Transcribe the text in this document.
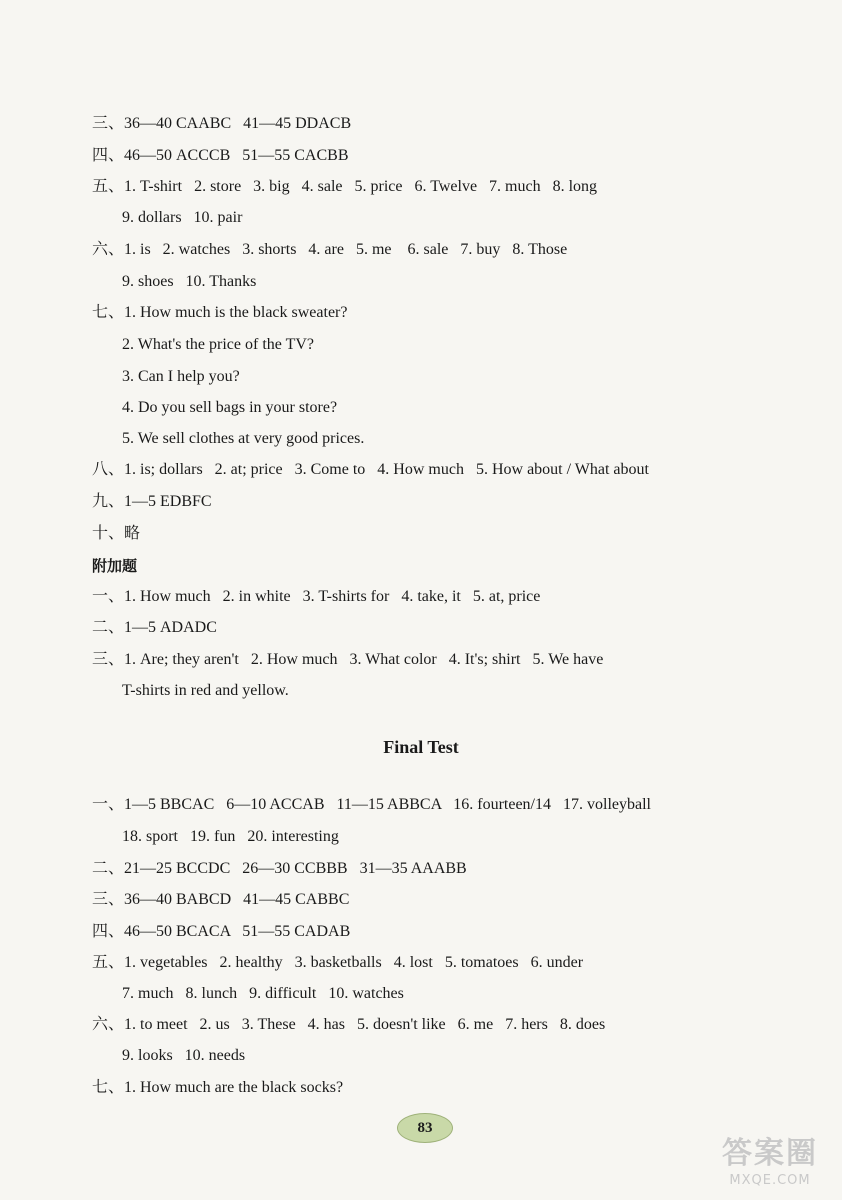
三、36—40 CAABC   41—45 DDACB
四、46—50 ACCCB   51—55 CACBB
五、1. T-shirt   2. store   3. big   4. sale   5. price   6. Twelve   7. much   8. long
9. dollars   10. pair
六、1. is   2. watches   3. shorts   4. are   5. me    6. sale   7. buy   8. Those
9. shoes   10. Thanks
七、1. How much is the black sweater?
2. What's the price of the TV?
3. Can I help you?
4. Do you sell bags in your store?
5. We sell clothes at very good prices.
八、1. is; dollars   2. at; price   3. Come to   4. How much   5. How about / What about
九、1—5 EDBFC
十、略
附加题
一、1. How much   2. in white   3. T-shirts for   4. take, it   5. at, price
二、1—5 ADADC
三、1. Are; they aren't   2. How much   3. What color   4. It's; shirt   5. We have
T-shirts in red and yellow.
Final Test
一、1—5 BBCAC   6—10 ACCAB   11—15 ABBCA   16. fourteen/14   17. volleyball
18. sport   19. fun   20. interesting
二、21—25 BCCDC   26—30 CCBBB   31—35 AAABB
三、36—40 BABCD   41—45 CABBC
四、46—50 BCACA   51—55 CADAB
五、1. vegetables   2. healthy   3. basketballs   4. lost   5. tomatoes   6. under
7. much   8. lunch   9. difficult   10. watches
六、1. to meet   2. us   3. These   4. has   5. doesn't like   6. me   7. hers   8. does
9. looks   10. needs
七、1. How much are the black socks?
83
答案圈
MXQE.COM
